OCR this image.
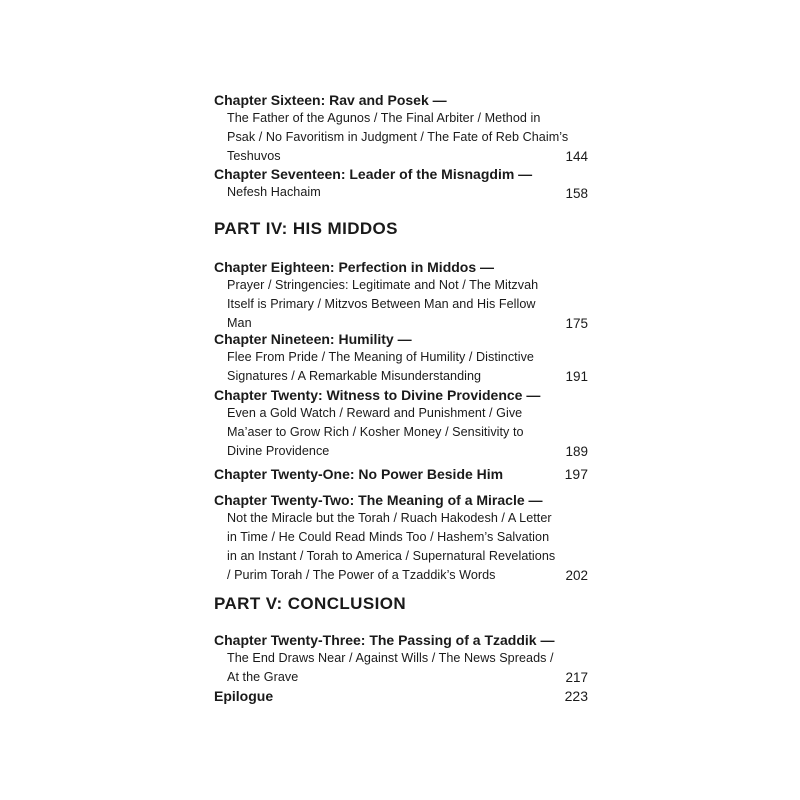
Chapter Sixteen: Rav and Posek —
The Father of the Agunos / The Final Arbiter / Method in
Psak / No Favoritism in Judgment / The Fate of Reb Chaim’s
Teshuvos	144
Chapter Seventeen: Leader of the Misnagdim —
Nefesh Hachaim	158
PART IV: HIS MIDDOS
Chapter Eighteen: Perfection in Middos —
Prayer / Stringencies: Legitimate and Not / The Mitzvah
Itself is Primary / Mitzvos Between Man and His Fellow
Man	175
Chapter Nineteen: Humility —
Flee From Pride / The Meaning of Humility / Distinctive
Signatures / A Remarkable Misunderstanding	191
Chapter Twenty: Witness to Divine Providence —
Even a Gold Watch / Reward and Punishment / Give
Ma’aser to Grow Rich / Kosher Money / Sensitivity to
Divine Providence	189
Chapter Twenty-One: No Power Beside Him	197
Chapter Twenty-Two: The Meaning of a Miracle —
Not the Miracle but the Torah / Ruach Hakodesh / A Letter
in Time / He Could Read Minds Too / Hashem’s Salvation
in an Instant / Torah to America / Supernatural Revelations
/ Purim Torah / The Power of a Tzaddik’s Words	202
PART V: CONCLUSION
Chapter Twenty-Three: The Passing of a Tzaddik —
The End Draws Near / Against Wills / The News Spreads /
At the Grave	217
Epilogue	223
